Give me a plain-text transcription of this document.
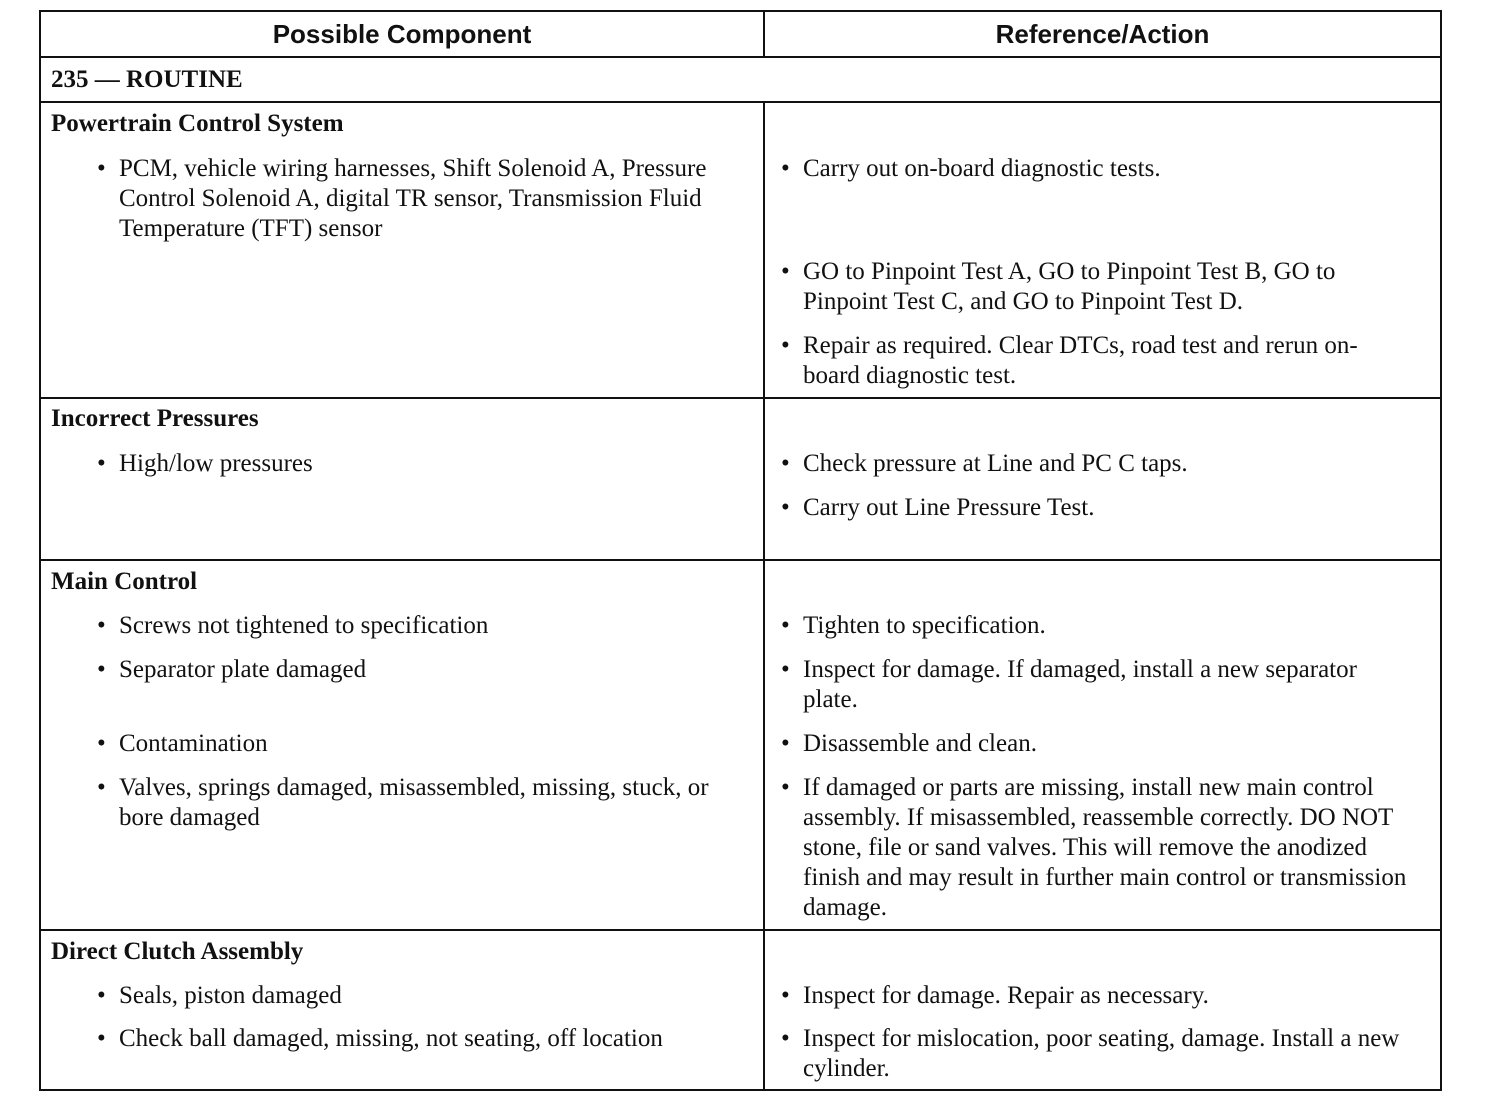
Possible Component	Reference/Action
235 — ROUTINE
Powertrain Control System
• PCM, vehicle wiring harnesses, Shift Solenoid A, Pressure Control Solenoid A, digital TR sensor, Transmission Fluid Temperature (TFT) sensor
• Carry out on-board diagnostic tests.
• GO to Pinpoint Test A, GO to Pinpoint Test B, GO to Pinpoint Test C, and GO to Pinpoint Test D.
• Repair as required. Clear DTCs, road test and rerun on-board diagnostic test.
Incorrect Pressures
• High/low pressures	• Check pressure at Line and PC C taps.
• Carry out Line Pressure Test.
Main Control
• Screws not tightened to specification
• Separator plate damaged
• Contamination
• Valves, springs damaged, misassembled, missing, stuck, or bore damaged
• Tighten to specification.
• Inspect for damage. If damaged, install a new separator plate.
• Disassemble and clean.
• If damaged or parts are missing, install new main control assembly. If misassembled, reassemble correctly. DO NOT stone, file or sand valves. This will remove the anodized finish and may result in further main control or transmission damage.
Direct Clutch Assembly
• Seals, piston damaged
• Check ball damaged, missing, not seating, off location
• Inspect for damage. Repair as necessary.
• Inspect for mislocation, poor seating, damage. Install a new cylinder.
